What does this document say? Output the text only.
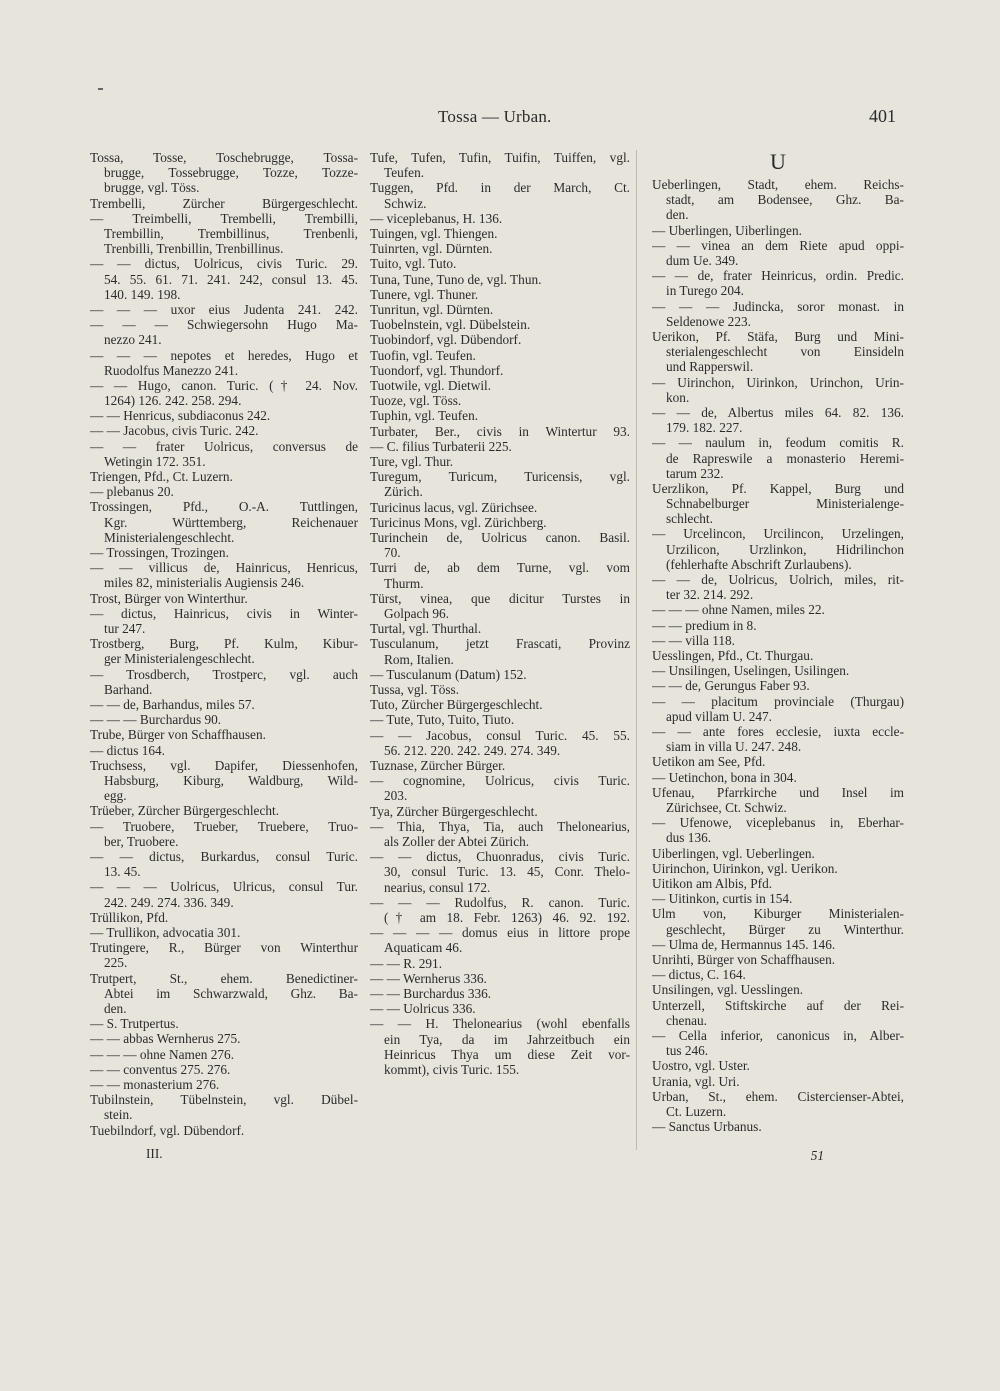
Tossa — Urban.	401
Tossa, Tosse, Toschebrugge, Tossa-
brugge, Tossebrugge, Tozze, Tozze-
brugge, vgl. Töss.
Trembelli, Zürcher Bürgergeschlecht.
— Treimbelli, Trembelli, Trembilli,
Trembillin, Trembillinus, Trenbenli,
Trenbilli, Trenbillin, Trenbillinus.
— — dictus, Uolricus, civis Turic. 29.
54. 55. 61. 71. 241. 242, consul 13. 45.
140. 149. 198.
— — — uxor eius Judenta 241. 242.
— — — Schwiegersohn Hugo Ma-
nezzo 241.
— — — nepotes et heredes, Hugo et
Ruodolfus Manezzo 241.
— — Hugo, canon. Turic. († 24. Nov.
1264) 126. 242. 258. 294.
— — Henricus, subdiaconus 242.
— — Jacobus, civis Turic. 242.
— — frater Uolricus, conversus de
Wetingin 172. 351.
Triengen, Pfd., Ct. Luzern.
— plebanus 20.
Trossingen, Pfd., O.-A. Tuttlingen,
Kgr. Württemberg, Reichenauer
Ministerialengeschlecht.
— Trossingen, Trozingen.
— — villicus de, Hainricus, Henricus,
miles 82, ministerialis Augiensis 246.
Trost, Bürger von Winterthur.
— dictus, Hainricus, civis in Winter-
tur 247.
Trostberg, Burg, Pf. Kulm, Kibur-
ger Ministerialengeschlecht.
— Trosdberch, Trostperc, vgl. auch
Barhand.
— — de, Barhandus, miles 57.
— — — Burchardus 90.
Trube, Bürger von Schaffhausen.
— dictus 164.
Truchsess, vgl. Dapifer, Diessenhofen,
Habsburg, Kiburg, Waldburg, Wild-
egg.
Trüeber, Zürcher Bürgergeschlecht.
— Truobere, Trueber, Truebere, Truo-
ber, Truobere.
— — dictus, Burkardus, consul Turic.
13. 45.
— — — Uolricus, Ulricus, consul Tur.
242. 249. 274. 336. 349.
Trüllikon, Pfd.
— Trullikon, advocatia 301.
Trutingere, R., Bürger von Winterthur
225.
Trutpert, St., ehem. Benedictiner-
Abtei im Schwarzwald, Ghz. Ba-
den.
— S. Trutpertus.
— — abbas Wernherus 275.
— — — ohne Namen 276.
— — conventus 275. 276.
— — monasterium 276.
Tubilnstein, Tübelnstein, vgl. Dübel-
stein.
Tuebilndorf, vgl. Dübendorf.
III.
Tufe, Tufen, Tufin, Tuifin, Tuiffen, vgl.
Teufen.
Tuggen, Pfd. in der March, Ct.
Schwiz.
— viceplebanus, H. 136.
Tuingen, vgl. Thiengen.
Tuinrten, vgl. Dürnten.
Tuito, vgl. Tuto.
Tuna, Tune, Tuno de, vgl. Thun.
Tunere, vgl. Thuner.
Tunritun, vgl. Dürnten.
Tuobelnstein, vgl. Dübelstein.
Tuobindorf, vgl. Dübendorf.
Tuofin, vgl. Teufen.
Tuondorf, vgl. Thundorf.
Tuotwile, vgl. Dietwil.
Tuoze, vgl. Töss.
Tuphin, vgl. Teufen.
Turbater, Ber., civis in Wintertur 93.
— C. filius Turbaterii 225.
Ture, vgl. Thur.
Turegum, Turicum, Turicensis, vgl.
Zürich.
Turicinus lacus, vgl. Zürichsee.
Turicinus Mons, vgl. Zürichberg.
Turinchein de, Uolricus canon. Basil.
70.
Turri de, ab dem Turne, vgl. vom
Thurm.
Türst, vinea, que dicitur Turstes in
Golpach 96.
Turtal, vgl. Thurthal.
Tusculanum, jetzt Frascati, Provinz
Rom, Italien.
— Tusculanum (Datum) 152.
Tussa, vgl. Töss.
Tuto, Zürcher Bürgergeschlecht.
— Tute, Tuto, Tuito, Tiuto.
— — Jacobus, consul Turic. 45. 55.
56. 212. 220. 242. 249. 274. 349.
Tuznase, Zürcher Bürger.
— cognomine, Uolricus, civis Turic.
203.
Tya, Zürcher Bürgergeschlecht.
— Thia, Thya, Tia, auch Thelonearius,
als Zoller der Abtei Zürich.
— — dictus, Chuonradus, civis Turic.
30, consul Turic. 13. 45, Conr. Thelo-
nearius, consul 172.
— — — Rudolfus, R. canon. Turic.
(† am 18. Febr. 1263) 46. 92. 192.
— — — — domus eius in littore prope
Aquaticam 46.
— — R. 291.
— — Wernherus 336.
— — Burchardus 336.
— — Uolricus 336.
— — H. Thelonearius (wohl ebenfalls
ein Tya, da im Jahrzeitbuch ein
Heinricus Thya um diese Zeit vor-
kommt), civis Turic. 155.
U
Ueberlingen, Stadt, ehem. Reichs-
stadt, am Bodensee, Ghz. Ba-
den.
— Uberlingen, Uiberlingen.
— — vinea an dem Riete apud oppi-
dum Ue. 349.
— — de, frater Heinricus, ordin. Predic.
in Turego 204.
— — — Judincka, soror monast. in
Seldenowe 223.
Uerikon, Pf. Stäfa, Burg und Mini-
sterialengeschlecht von Einsideln
und Rapperswil.
— Uirinchon, Uirinkon, Urinchon, Urin-
kon.
— — de, Albertus miles 64. 82. 136.
179. 182. 227.
— — naulum in, feodum comitis R.
de Rapreswile a monasterio Heremi-
tarum 232.
Uerzlikon, Pf. Kappel, Burg und
Schnabelburger Ministerialenge-
schlecht.
— Urcelincon, Urcilincon, Urzelingen,
Urzilicon, Urzlinkon, Hidrilinchon
(fehlerhafte Abschrift Zurlaubens).
— — de, Uolricus, Uolrich, miles, rit-
ter 32. 214. 292.
— — — ohne Namen, miles 22.
— — predium in 8.
— — villa 118.
Uesslingen, Pfd., Ct. Thurgau.
— Unsilingen, Uselingen, Usilingen.
— — de, Gerungus Faber 93.
— — placitum provinciale (Thurgau)
apud villam U. 247.
— — ante fores ecclesie, iuxta eccle-
siam in villa U. 247. 248.
Uetikon am See, Pfd.
— Uetinchon, bona in 304.
Ufenau, Pfarrkirche und Insel im
Zürichsee, Ct. Schwiz.
— Ufenowe, viceplebanus in, Eberhar-
dus 136.
Uiberlingen, vgl. Ueberlingen.
Uirinchon, Uirinkon, vgl. Uerikon.
Uitikon am Albis, Pfd.
— Uitinkon, curtis in 154.
Ulm von, Kiburger Ministerialen-
geschlecht, Bürger zu Winterthur.
— Ulma de, Hermannus 145. 146.
Unrihti, Bürger von Schaffhausen.
— dictus, C. 164.
Unsilingen, vgl. Uesslingen.
Unterzell, Stiftskirche auf der Rei-
chenau.
— Cella inferior, canonicus in, Alber-
tus 246.
Uostro, vgl. Uster.
Urania, vgl. Uri.
Urban, St., ehem. Cistercienser-Abtei,
Ct. Luzern.
— Sanctus Urbanus.
51
